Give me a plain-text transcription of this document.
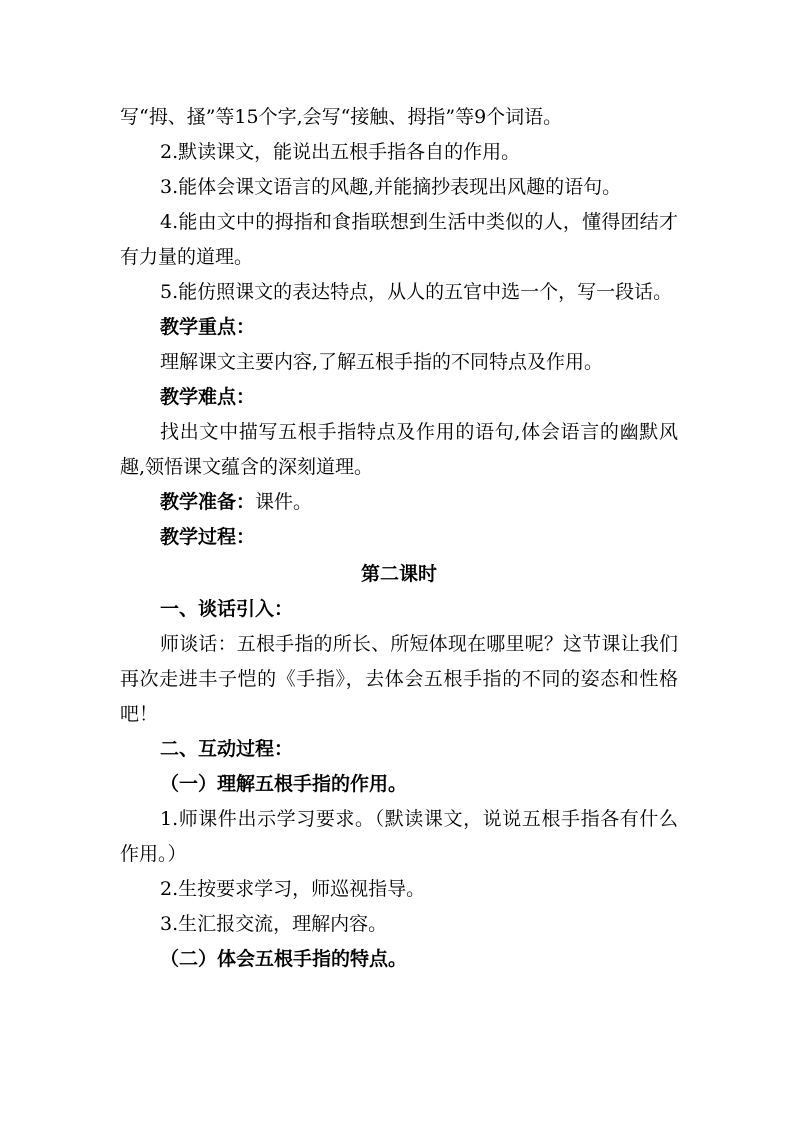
写“拇、搔”等15个字,会写“接触、拇指”等9个词语。

2.默读课文，能说出五根手指各自的作用。

3.能体会课文语言的风趣,并能摘抄表现出风趣的语句。

4.能由文中的拇指和食指联想到生活中类似的人，懂得团结才有力量的道理。

5.能仿照课文的表达特点，从人的五官中选一个，写一段话。

教学重点：

理解课文主要内容,了解五根手指的不同特点及作用。

教学难点：

找出文中描写五根手指特点及作用的语句,体会语言的幽默风趣,领悟课文蕴含的深刻道理。

教学准备：课件。

教学过程：

第二课时

一、谈话引入：

师谈话：五根手指的所长、所短体现在哪里呢？这节课让我们再次走进丰子恺的《手指》，去体会五根手指的不同的姿态和性格吧！

二、互动过程：

（一）理解五根手指的作用。

1.师课件出示学习要求。（默读课文，说说五根手指各有什么作用。）

2.生按要求学习，师巡视指导。

3.生汇报交流，理解内容。

（二）体会五根手指的特点。
